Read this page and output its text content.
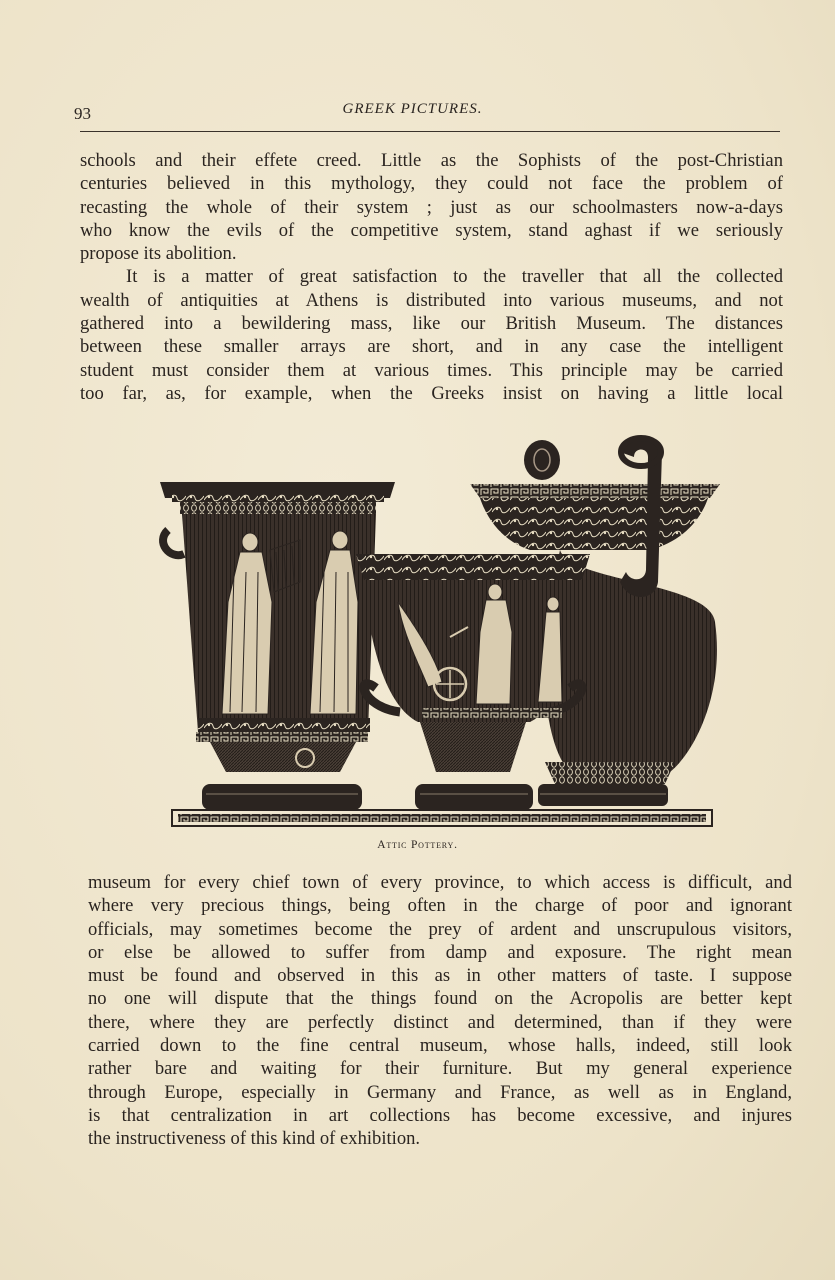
93	GREEK PICTURES.

schools and their effete creed. Little as the Sophists of the post-Christian
centuries believed in this mythology, they could not face the problem of
recasting the whole of their system ; just as our schoolmasters now-a-days
who know the evils of the competitive system, stand aghast if we seriously
propose its abolition.
It is a matter of great satisfaction to the traveller that all the collected
wealth of antiquities at Athens is distributed into various museums, and not
gathered into a bewildering mass, like our British Museum. The distances
between these smaller arrays are short, and in any case the intelligent
student must consider them at various times. This principle may be carried
too far, as, for example, when the Greeks insist on having a little local

Attic Pottery.

museum for every chief town of every province, to which access is difficult, and
where very precious things, being often in the charge of poor and ignorant
officials, may sometimes become the prey of ardent and unscrupulous visitors,
or else be allowed to suffer from damp and exposure. The right mean
must be found and observed in this as in other matters of taste. I suppose
no one will dispute that the things found on the Acropolis are better kept
there, where they are perfectly distinct and determined, than if they were
carried down to the fine central museum, whose halls, indeed, still look
rather bare and waiting for their furniture. But my general experience
through Europe, especially in Germany and France, as well as in England,
is that centralization in art collections has become excessive, and injures
the instructiveness of this kind of exhibition.
